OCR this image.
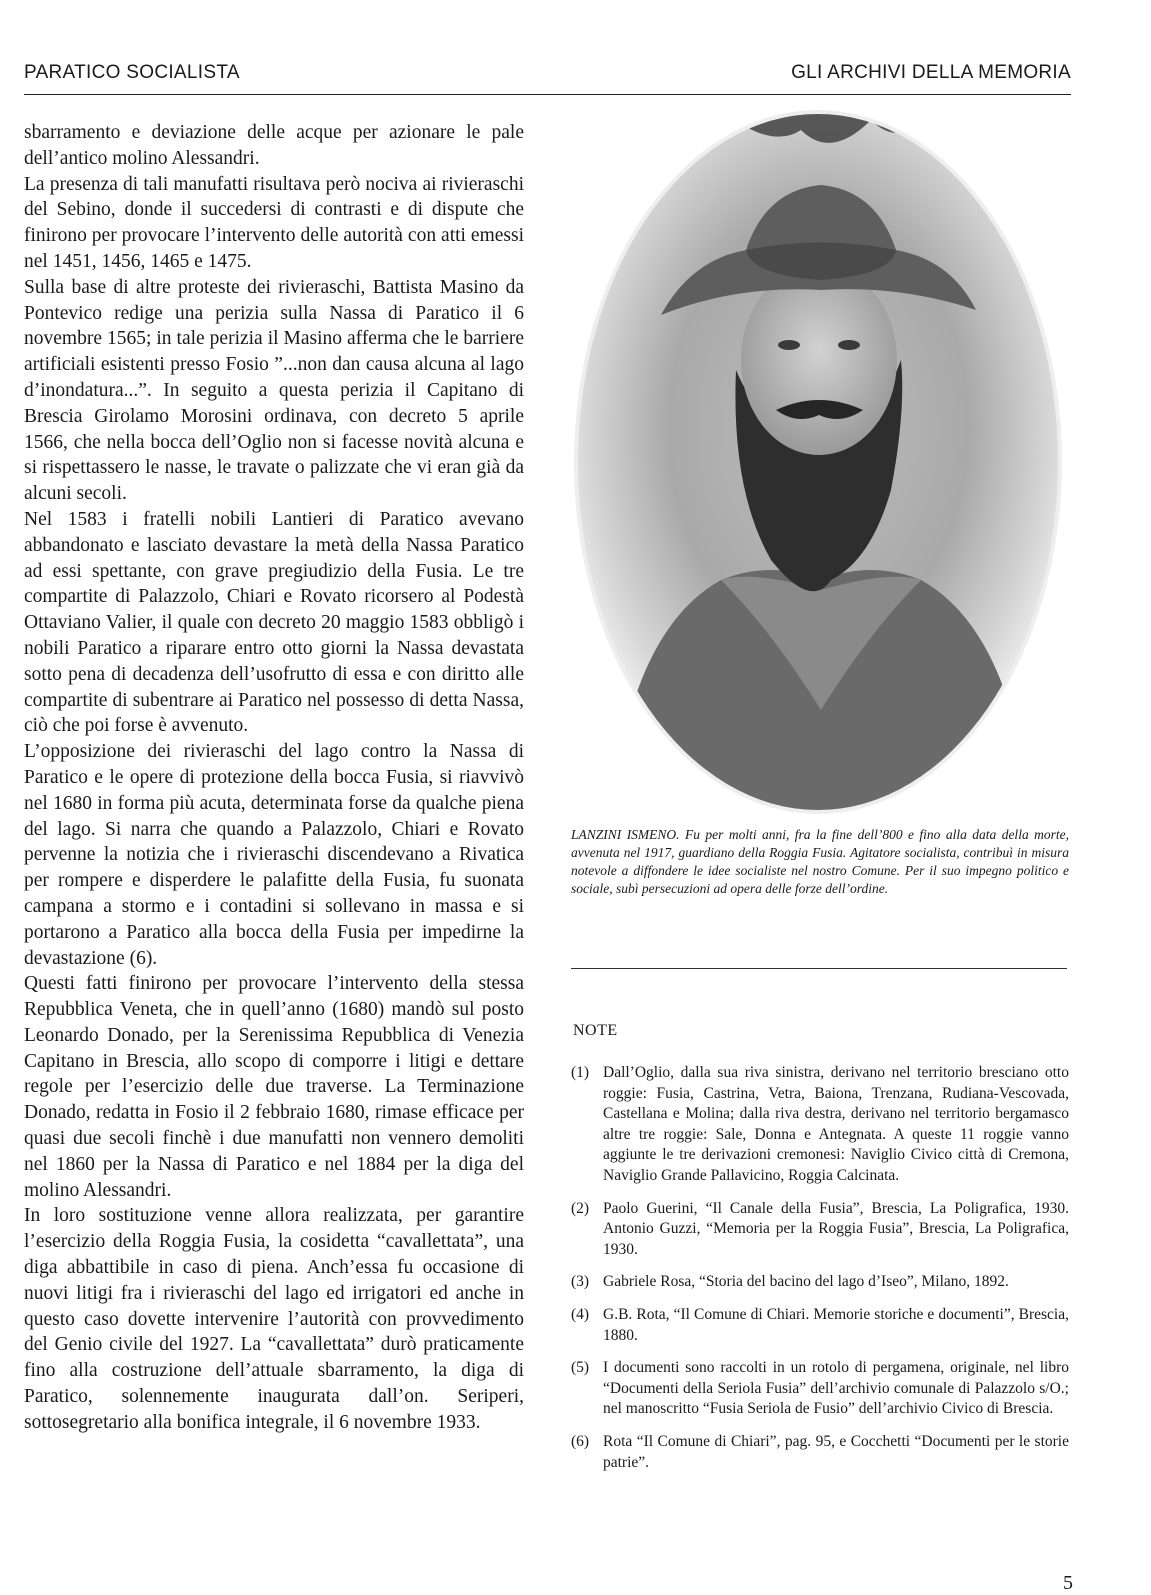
PARATICO SOCIALISTA	GLI ARCHIVI DELLA MEMORIA

sbarramento e deviazione delle acque per azionare le pale dell’antico molino Alessandri.

La presenza di tali manufatti risultava però nociva ai rivieraschi del Sebino, donde il succedersi di contrasti e di dispute che finirono per provocare l’intervento delle autorità con atti emessi nel 1451, 1456, 1465 e 1475.

Sulla base di altre proteste dei rivieraschi, Battista Masino da Pontevico redige una perizia sulla Nassa di Paratico il 6 novembre 1565; in tale perizia il Masino afferma che le barriere artificiali esistenti presso Fosio ”...non dan causa alcuna al lago d’inondatura...”. In seguito a questa perizia il Capitano di Brescia Girolamo Morosini ordinava, con decreto 5 aprile 1566, che nella bocca dell’Oglio non si facesse novità alcuna e si rispettassero le nasse, le travate o palizzate che vi eran già da alcuni secoli.

Nel 1583 i fratelli nobili Lantieri di Paratico avevano abbandonato e lasciato devastare la metà della Nassa Paratico ad essi spettante, con grave pregiudizio della Fusia. Le tre compartite di Palazzolo, Chiari e Rovato ricorsero al Podestà Ottaviano Valier, il quale con decreto 20 maggio 1583 obbligò i nobili Paratico a riparare entro otto giorni la Nassa devastata sotto pena di decadenza dell’usofrutto di essa e con diritto alle compartite di subentrare ai Paratico nel possesso di detta Nassa, ciò che poi forse è avvenuto.

L’opposizione dei rivieraschi del lago contro la Nassa di Paratico e le opere di protezione della bocca Fusia, si riavvivò nel 1680 in forma più acuta, determinata forse da qualche piena del lago. Si narra che quando a Palazzolo, Chiari e Rovato pervenne la notizia che i rivieraschi discendevano a Rivatica per rompere e disperdere le palafitte della Fusia, fu suonata campana a stormo e i contadini si sollevano in massa e si portarono a Paratico alla bocca della Fusia per impedirne la devastazione (6).

Questi fatti finirono per provocare l’intervento della stessa Repubblica Veneta, che in quell’anno (1680) mandò sul posto Leonardo Donado, per la Serenissima Repubblica di Venezia Capitano in Brescia, allo scopo di comporre i litigi e dettare regole per l’esercizio delle due traverse. La Terminazione Donado, redatta in Fosio il 2 febbraio 1680, rimase efficace per quasi due secoli finchè i due manufatti non vennero demoliti nel 1860 per la Nassa di Paratico e nel 1884 per la diga del molino Alessandri.

In loro sostituzione venne allora realizzata, per garantire l’esercizio della Roggia Fusia, la cosidetta “cavallettata”, una diga abbattibile in caso di piena. Anch’essa fu occasione di nuovi litigi fra i rivieraschi del lago ed irrigatori ed anche in questo caso dovette intervenire l’autorità con provvedimento del Genio civile del 1927. La “cavallettata” durò praticamente fino alla costruzione dell’attuale sbarramento, la diga di Paratico, solennemente inaugurata dall’on. Seriperi, sottosegretario alla bonifica integrale, il 6 novembre 1933.

LANZINI ISMENO. Fu per molti anni, fra la fine dell’800 e fino alla data della morte, avvenuta nel 1917, guardiano della Roggia Fusia. Agitatore socialista, contribuì in misura notevole a diffondere le idee socialiste nel nostro Comune. Per il suo impegno politico e sociale, subì persecuzioni ad opera delle forze dell’ordine.
NOTE
(1) Dall’Oglio, dalla sua riva sinistra, derivano nel territorio bresciano otto roggie: Fusia, Castrina, Vetra, Baiona, Trenzana, Rudiana-Vescovada, Castellana e Molina; dalla riva destra, derivano nel territorio bergamasco altre tre roggie: Sale, Donna e Antegnata. A queste 11 roggie vanno aggiunte le tre derivazioni cremonesi: Naviglio Civico città di Cremona, Naviglio Grande Pallavicino, Roggia Calcinata.
(2) Paolo Guerini, “Il Canale della Fusia”, Brescia, La Poligrafica, 1930. Antonio Guzzi, “Memoria per la Roggia Fusia”, Brescia, La Poligrafica, 1930.
(3) Gabriele Rosa, “Storia del bacino del lago d’Iseo”, Milano, 1892.
(4) G.B. Rota, “Il Comune di Chiari. Memorie storiche e documenti”, Brescia, 1880.
(5) I documenti sono raccolti in un rotolo di pergamena, originale, nel libro “Documenti della Seriola Fusia” dell’archivio comunale di Palazzolo s/O.; nel manoscritto “Fusia Seriola de Fusio” dell’archivio Civico di Brescia.
(6) Rota “Il Comune di Chiari”, pag. 95, e Cocchetti “Documenti per le storie patrie”.
5
